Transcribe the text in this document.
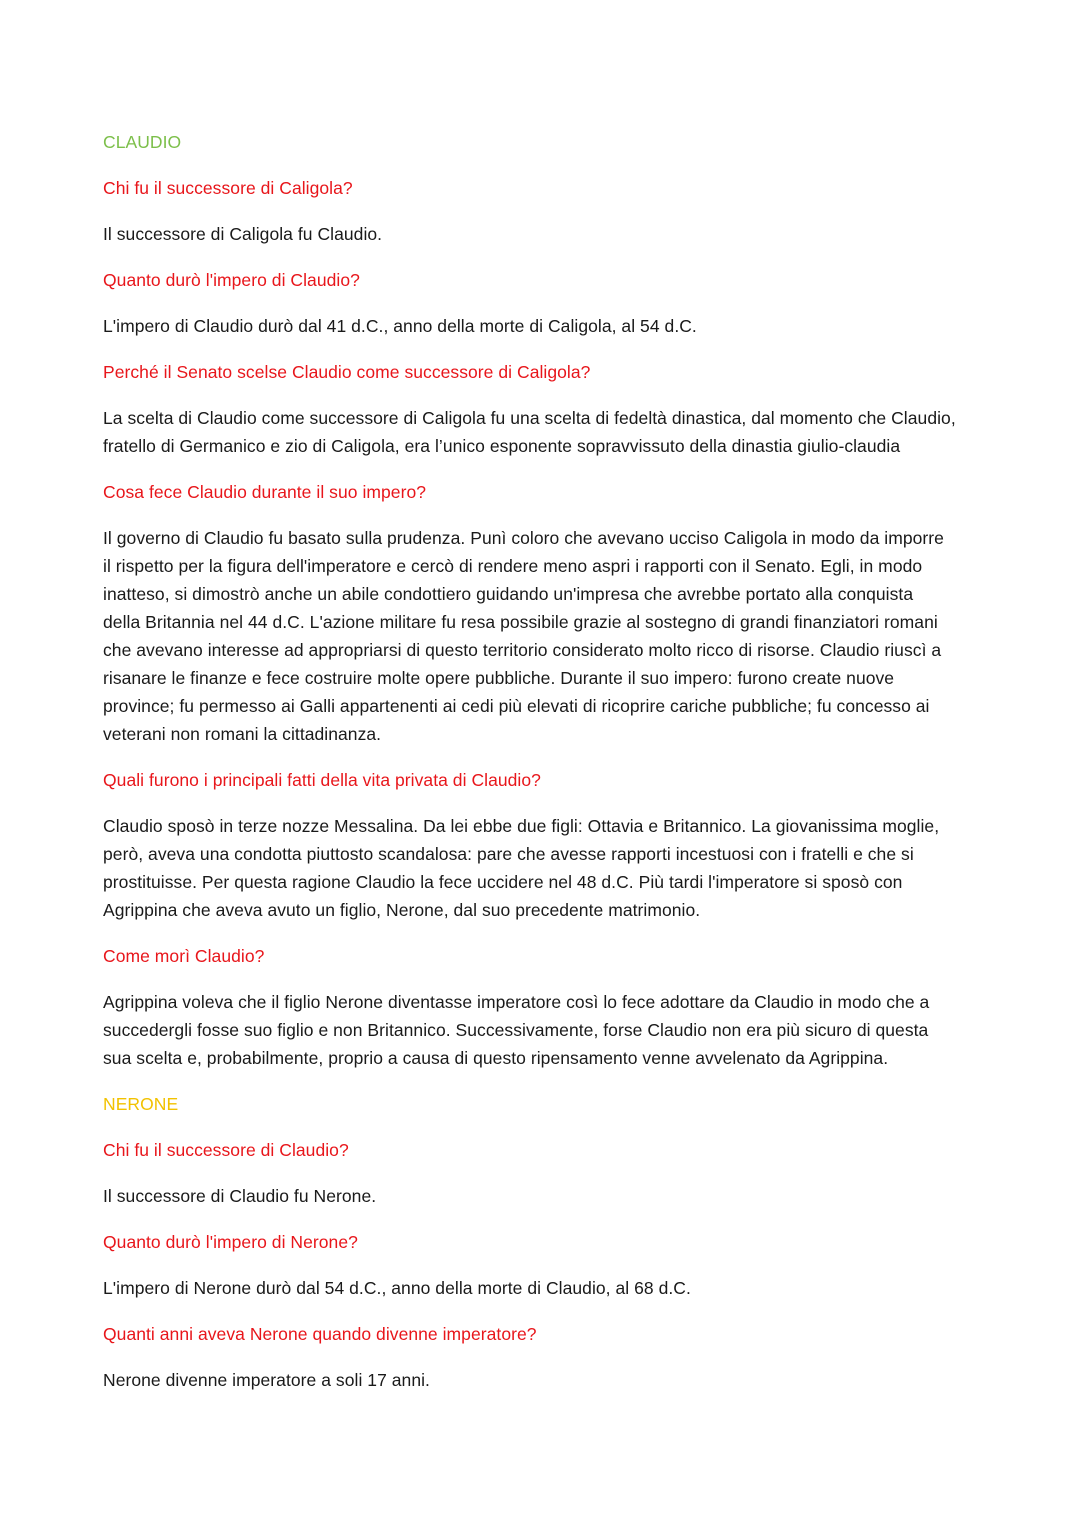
CLAUDIO

Chi fu il successore di Caligola?

Il successore di Caligola fu Claudio.

Quanto durò l'impero di Claudio?

L'impero di Claudio durò dal 41 d.C., anno della morte di Caligola, al 54 d.C.

Perché il Senato scelse Claudio come successore di Caligola?

La scelta di Claudio come successore di Caligola fu una scelta di fedeltà dinastica, dal momento che Claudio,

fratello di Germanico e zio di Caligola, era l’unico esponente sopravvissuto della dinastia giulio-claudia

Cosa fece Claudio durante il suo impero?

Il governo di Claudio fu basato sulla prudenza. Punì coloro che avevano ucciso Caligola in modo da imporre

il rispetto per la figura dell'imperatore e cercò di rendere meno aspri i rapporti con il Senato. Egli, in modo

inatteso, si dimostrò anche un abile condottiero guidando un'impresa che avrebbe portato alla conquista

della Britannia nel 44 d.C. L'azione militare fu resa possibile grazie al sostegno di grandi finanziatori romani

che avevano interesse ad appropriarsi di questo territorio considerato molto ricco di risorse. Claudio riuscì a

risanare le finanze e fece costruire molte opere pubbliche. Durante il suo impero: furono create nuove

province; fu permesso ai Galli appartenenti ai cedi più elevati di ricoprire cariche pubbliche; fu concesso ai

veterani non romani la cittadinanza.

Quali furono i principali fatti della vita privata di Claudio?

Claudio sposò in terze nozze Messalina. Da lei ebbe due figli: Ottavia e Britannico. La giovanissima moglie,

però, aveva una condotta piuttosto scandalosa: pare che avesse rapporti incestuosi con i fratelli e che si

prostituisse. Per questa ragione Claudio la fece uccidere nel 48 d.C. Più tardi l'imperatore si sposò con

Agrippina che aveva avuto un figlio, Nerone, dal suo precedente matrimonio.

Come morì Claudio?

Agrippina voleva che il figlio Nerone diventasse imperatore così lo fece adottare da Claudio in modo che a

succedergli fosse suo figlio e non Britannico. Successivamente, forse Claudio non era più sicuro di questa

sua scelta e, probabilmente, proprio a causa di questo ripensamento venne avvelenato da Agrippina.

NERONE

Chi fu il successore di Claudio?

Il successore di Claudio fu Nerone.

Quanto durò l'impero di Nerone?

L'impero di Nerone durò dal 54 d.C., anno della morte di Claudio, al 68 d.C.

Quanti anni aveva Nerone quando divenne imperatore?

Nerone divenne imperatore a soli 17 anni.
